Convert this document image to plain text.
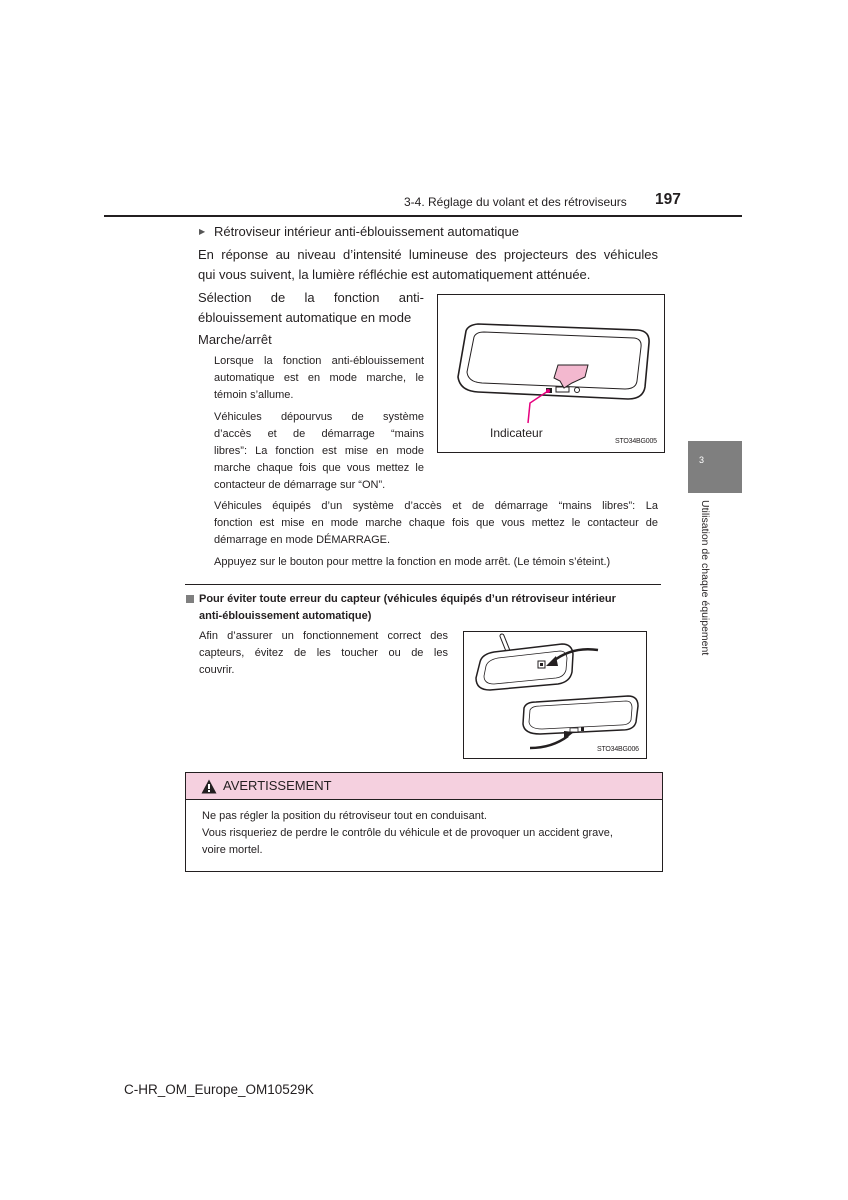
3-4. Réglage du volant et des rétroviseurs 197
3
Utilisation de chaque équipement
▶ Rétroviseur intérieur anti-éblouissement automatique
En réponse au niveau d’intensité lumineuse des projecteurs des véhicules
qui vous suivent, la lumière réfléchie est automatiquement atténuée.
Sélection de la fonction anti-
éblouissement automatique en mode
Marche/arrêt
Lorsque la fonction anti-éblouissement
automatique est en mode marche, le
témoin s’allume.
Véhicules dépourvus de système
d’accès et de démarrage “mains
libres”: La fonction est mise en mode
marche chaque fois que vous mettez le
contacteur de démarrage sur “ON”.
Véhicules équipés d’un système d’accès et de démarrage “mains libres”: La
fonction est mise en mode marche chaque fois que vous mettez le contacteur de
démarrage en mode DÉMARRAGE.
Appuyez sur le bouton pour mettre la fonction en mode arrêt. (Le témoin s’éteint.)
Indicateur
STO34BG005
Pour éviter toute erreur du capteur (véhicules équipés d’un rétroviseur intérieur
anti-éblouissement automatique)
Afin d’assurer un fonctionnement correct des
capteurs, évitez de les toucher ou de les
couvrir.
STO34BG006
AVERTISSEMENT
Ne pas régler la position du rétroviseur tout en conduisant.
Vous risqueriez de perdre le contrôle du véhicule et de provoquer un accident grave,
voire mortel.
C-HR_OM_Europe_OM10529K
